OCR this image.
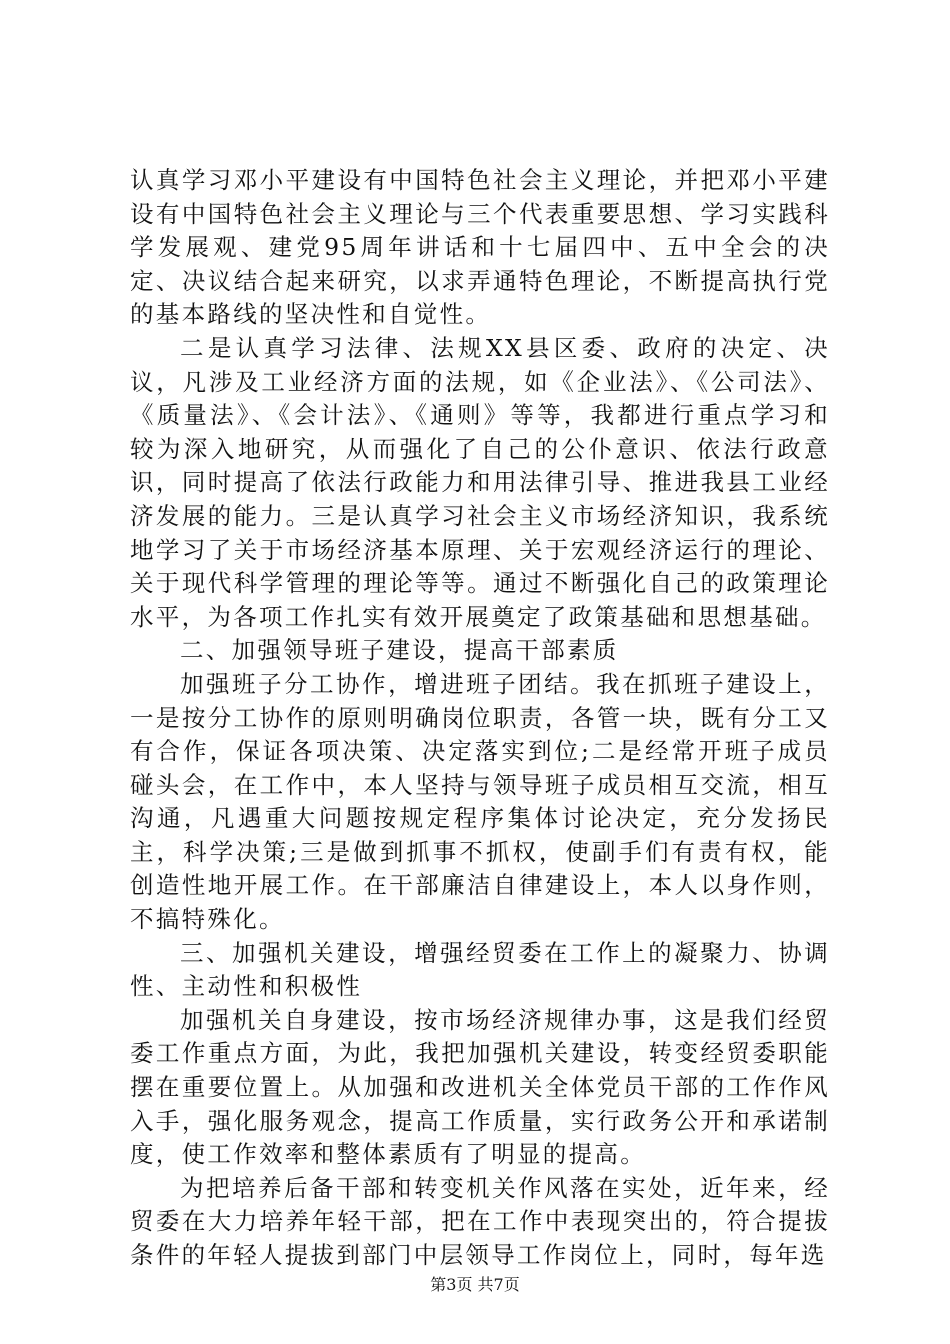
认真学习邓小平建设有中国特色社会主义理论，并把邓小平建设有中国特色社会主义理论与三个代表重要思想、学习实践科学发展观、建党95周年讲话和十七届四中、五中全会的决定、决议结合起来研究，以求弄通特色理论，不断提高执行党的基本路线的坚决性和自觉性。

二是认真学习法律、法规XX县区委、政府的决定、决议，凡涉及工业经济方面的法规，如《企业法》、《公司法》、《质量法》、《会计法》、《通则》等等，我都进行重点学习和较为深入地研究，从而强化了自己的公仆意识、依法行政意识，同时提高了依法行政能力和用法律引导、推进我县工业经济发展的能力。三是认真学习社会主义市场经济知识，我系统地学习了关于市场经济基本原理、关于宏观经济运行的理论、关于现代科学管理的理论等等。通过不断强化自己的政策理论水平，为各项工作扎实有效开展奠定了政策基础和思想基础。

二、加强领导班子建设，提高干部素质

加强班子分工协作，增进班子团结。我在抓班子建设上，一是按分工协作的原则明确岗位职责，各管一块，既有分工又有合作，保证各项决策、决定落实到位;二是经常开班子成员碰头会，在工作中，本人坚持与领导班子成员相互交流，相互沟通，凡遇重大问题按规定程序集体讨论决定，充分发扬民主，科学决策;三是做到抓事不抓权，使副手们有责有权，能创造性地开展工作。在干部廉洁自律建设上，本人以身作则，不搞特殊化。

三、加强机关建设，增强经贸委在工作上的凝聚力、协调性、主动性和积极性

加强机关自身建设，按市场经济规律办事，这是我们经贸委工作重点方面，为此，我把加强机关建设，转变经贸委职能摆在重要位置上。从加强和改进机关全体党员干部的工作作风入手，强化服务观念，提高工作质量，实行政务公开和承诺制度，使工作效率和整体素质有了明显的提高。

为把培养后备干部和转变机关作风落在实处，近年来，经贸委在大力培养年轻干部，把在工作中表现突出的，符合提拔条件的年轻人提拔到部门中层领导工作岗位上，同时，每年选

第3页 共7页
